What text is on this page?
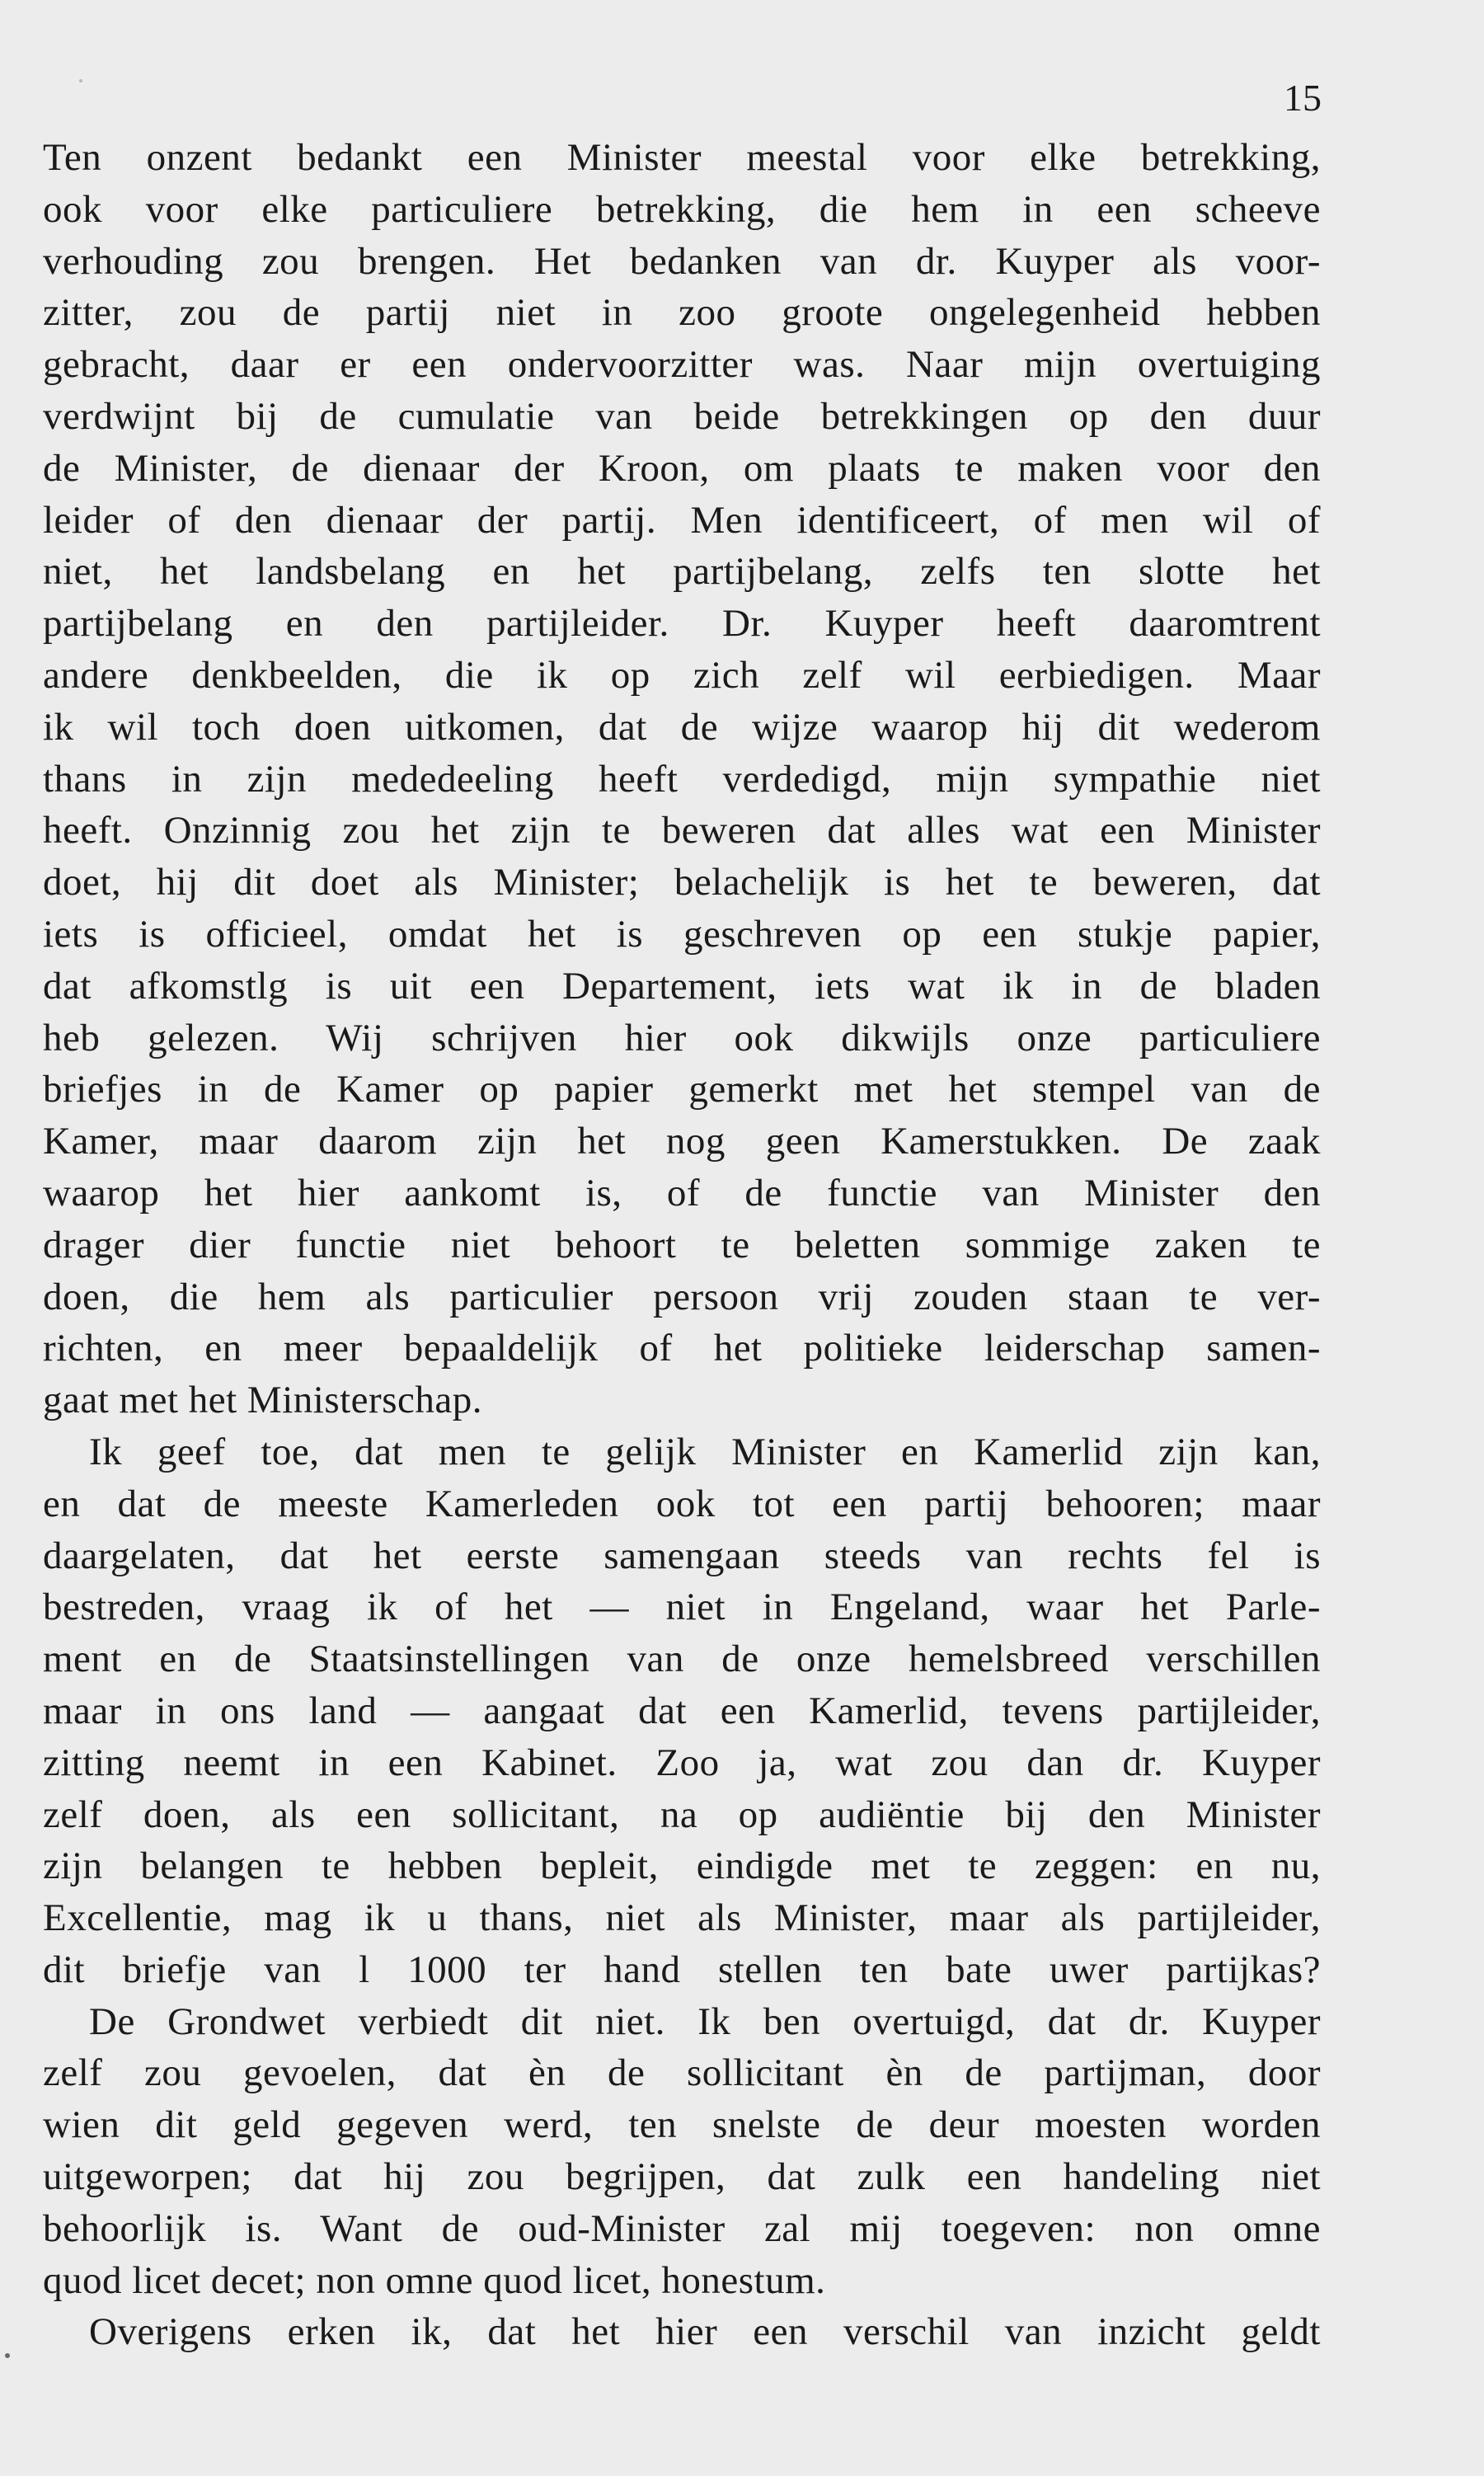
15
Ten onzent bedankt een Minister meestal voor elke betrekking,
ook voor elke particuliere betrekking, die hem in een scheeve
verhouding zou brengen. Het bedanken van dr. Kuyper als voor-
zitter, zou de partij niet in zoo groote ongelegenheid hebben
gebracht, daar er een ondervoorzitter was. Naar mijn overtuiging
verdwijnt bij de cumulatie van beide betrekkingen op den duur
de Minister, de dienaar der Kroon, om plaats te maken voor den
leider of den dienaar der partij. Men identificeert, of men wil of
niet, het landsbelang en het partijbelang, zelfs ten slotte het
partijbelang en den partijleider. Dr. Kuyper heeft daaromtrent
andere denkbeelden, die ik op zich zelf wil eerbiedigen. Maar
ik wil toch doen uitkomen, dat de wijze waarop hij dit wederom
thans in zijn mededeeling heeft verdedigd, mijn sympathie niet
heeft. Onzinnig zou het zijn te beweren dat alles wat een Minister
doet, hij dit doet als Minister; belachelijk is het te beweren, dat
iets is officieel, omdat het is geschreven op een stukje papier,
dat afkomstlg is uit een Departement, iets wat ik in de bladen
heb gelezen. Wij schrijven hier ook dikwijls onze particuliere
briefjes in de Kamer op papier gemerkt met het stempel van de
Kamer, maar daarom zijn het nog geen Kamerstukken. De zaak
waarop het hier aankomt is, of de functie van Minister den
drager dier functie niet behoort te beletten sommige zaken te
doen, die hem als particulier persoon vrij zouden staan te ver-
richten, en meer bepaaldelijk of het politieke leiderschap samen-
gaat met het Ministerschap.
Ik geef toe, dat men te gelijk Minister en Kamerlid zijn kan,
en dat de meeste Kamerleden ook tot een partij behooren; maar
daargelaten, dat het eerste samengaan steeds van rechts fel is
bestreden, vraag ik of het — niet in Engeland, waar het Parle-
ment en de Staatsinstellingen van de onze hemelsbreed verschillen
maar in ons land — aangaat dat een Kamerlid, tevens partijleider,
zitting neemt in een Kabinet. Zoo ja, wat zou dan dr. Kuyper
zelf doen, als een sollicitant, na op audiëntie bij den Minister
zijn belangen te hebben bepleit, eindigde met te zeggen: en nu,
Excellentie, mag ik u thans, niet als Minister, maar als partijleider,
dit briefje van l 1000 ter hand stellen ten bate uwer partijkas?
De Grondwet verbiedt dit niet. Ik ben overtuigd, dat dr. Kuyper
zelf zou gevoelen, dat èn de sollicitant èn de partijman, door
wien dit geld gegeven werd, ten snelste de deur moesten worden
uitgeworpen; dat hij zou begrijpen, dat zulk een handeling niet
behoorlijk is. Want de oud-Minister zal mij toegeven: non omne
quod licet decet; non omne quod licet, honestum.
Overigens erken ik, dat het hier een verschil van inzicht geldt
